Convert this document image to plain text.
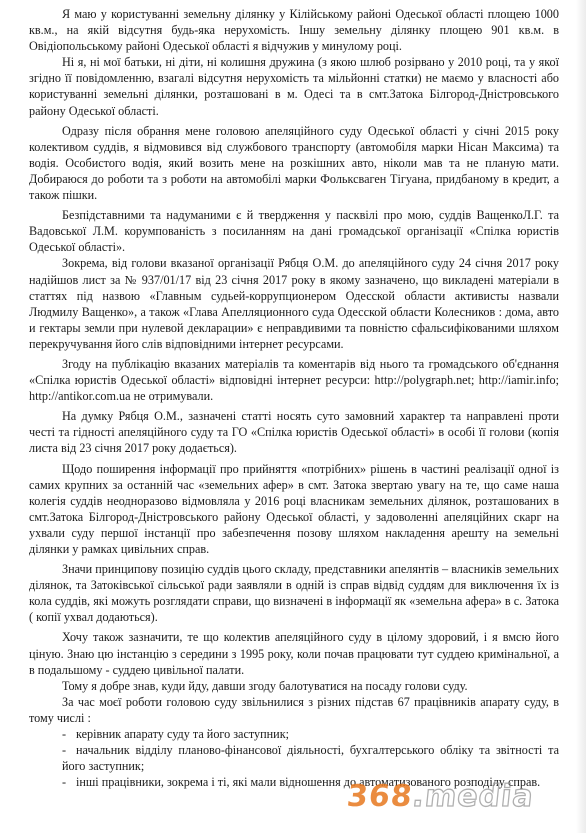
Я маю у користуванні земельну ділянку у Кілійському районі Одеської області площею 1000 кв.м., на якій відсутня будь-яка нерухомість. Іншу земельну ділянку площею 901 кв.м. в Овідіопольському районі Одеської області я відчужив у минулому році.

Ні я, ні мої батьки, ні діти, ні колишня дружина (з якою шлюб розірвано у 2010 році, та у якої згідно її повідомленню, взагалі відсутня нерухомість та мільйонні статки) не маємо у власності або користуванні земельні ділянки, розташовані в м. Одесі та в смт.Затока Білгород-Дністровського району Одеської області.

Одразу після обрання мене головою апеляційного суду Одеської області у січні 2015 року колективом суддів, я відмовився від службового транспорту (автомобіля марки Нісан Максима) та водія. Особистого водія, який возить мене на розкішних авто, ніколи мав та не планую мати. Добираюся до роботи та з роботи на автомобілі марки Фольксваген Тігуана, придбаному в кредит, а також пішки.

Безпідставними та надуманими є й твердження у пасквілі про мою, суддів ВащенкоЛ.Г. та Вадовської Л.М. корумпованість з посиланням на дані громадської організації «Спілка юристів Одеської області».

Зокрема, від голови вказаної організації Рябця О.М. до апеляційного суду 24 січня 2017 року надійшов лист за № 937/01/17 від 23 січня 2017 року в якому зазначено, що викладені матеріали в статтях під назвою «Главным судьей-коррупционером Одесской области активисты назвали Людмилу Ващенко», а також «Глава Апелляционного суда Одесской области Колесников : дома, авто и гектары земли при нулевой декларации» є неправдивими та повністю сфальсифікованими шляхом перекручування його слів відповідними інтернет ресурсами.

Згоду на публікацію вказаних матеріалів та коментарів від нього та громадського об'єднання «Спілка юристів Одеської області» відповідні інтернет ресурси: http://polygraph.net; http://iamir.info; http://antikor.com.ua не отримували.

На думку Рябця О.М., зазначені статті носять суто замовний характер та направлені проти честі та гідності апеляційного суду та ГО «Спілка юристів Одеської області» в особі її голови (копія листа від 23 січня 2017 року додається).

Щодо поширення інформації про прийняття «потрібних» рішень в частині реалізації одної із самих крупних за останній час «земельних афер» в смт. Затока звертаю увагу на те, що саме наша колегія суддів неодноразово відмовляла у 2016 році власникам земельних ділянок, розташованих в смт.Затока Білгород-Дністровського району Одеської області, у задоволенні апеляційних скарг на ухвали суду першої інстанції про забезпечення позову шляхом накладення арешту на земельні ділянки у рамках цивільних справ.

Значи принципову позицію суддів цього складу, представники апелянтів – власників земельних ділянок, та Затоківської сільської ради заявляли в одній із справ відвід суддям для виключення їх із кола суддів, які можуть розглядати справи, що визначені в інформації як «земельна афера» в с. Затока ( копії ухвал додаються).

Хочу також зазначити, те що колектив апеляційного суду в цілому здоровий, і я вмсю його ціную. Знаю цю інстанцію з середини з 1995 року, коли почав працювати тут суддею кримінальної, а в подальшому - суддею цивільної палати.

Тому я добре знав, куди йду, давши згоду балотуватися на посаду голови суду.

За час моєї роботи головою суду звільнилися з різних підстав 67 працівників апарату суду, в тому числі :

- керівник апарату суду та його заступник;

- начальник відділу планово-фінансової діяльності, бухгалтерського обліку та звітності та його заступник;

- інші працівники, зокрема і ті, які мали відношення до автоматизованого розподілу справ.

368.media
